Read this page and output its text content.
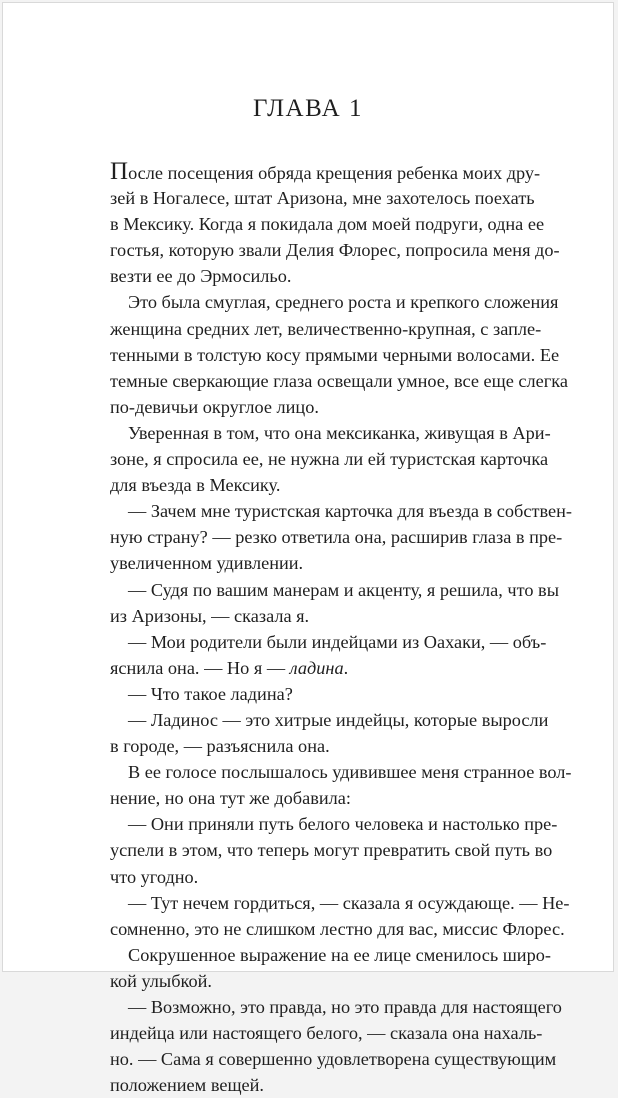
ГЛАВА 1
После посещения обряда крещения ребенка моих дру-
зей в Ногалесе, штат Аризона, мне захотелось поехать
в Мексику. Когда я покидала дом моей подруги, одна ее
гостья, которую звали Делия Флорес, попросила меня до-
везти ее до Эрмосильо.
Это была смуглая, среднего роста и крепкого сложения
женщина средних лет, величественно-крупная, с запле-
тенными в толстую косу прямыми черными волосами. Ее
темные сверкающие глаза освещали умное, все еще слегка
по-девичьи округлое лицо.
Уверенная в том, что она мексиканка, живущая в Ари-
зоне, я спросила ее, не нужна ли ей туристская карточка
для въезда в Мексику.
— Зачем мне туристская карточка для въезда в собствен-
ную страну? — резко ответила она, расширив глаза в пре-
увеличенном удивлении.
— Судя по вашим манерам и акценту, я решила, что вы
из Аризоны, — сказала я.
— Мои родители были индейцами из Оахаки, — объ-
яснила она. — Но я — ладина.
— Что такое ладина?
— Ладинос — это хитрые индейцы, которые выросли
в городе, — разъяснила она.
В ее голосе послышалось удивившее меня странное вол-
нение, но она тут же добавила:
— Они приняли путь белого человека и настолько пре-
успели в этом, что теперь могут превратить свой путь во
что угодно.
— Тут нечем гордиться, — сказала я осуждающе. — Не-
сомненно, это не слишком лестно для вас, миссис Флорес.
Сокрушенное выражение на ее лице сменилось широ-
кой улыбкой.
— Возможно, это правда, но это правда для настоящего
индейца или настоящего белого, — сказала она нахаль-
но. — Сама я совершенно удовлетворена существующим
положением вещей.
